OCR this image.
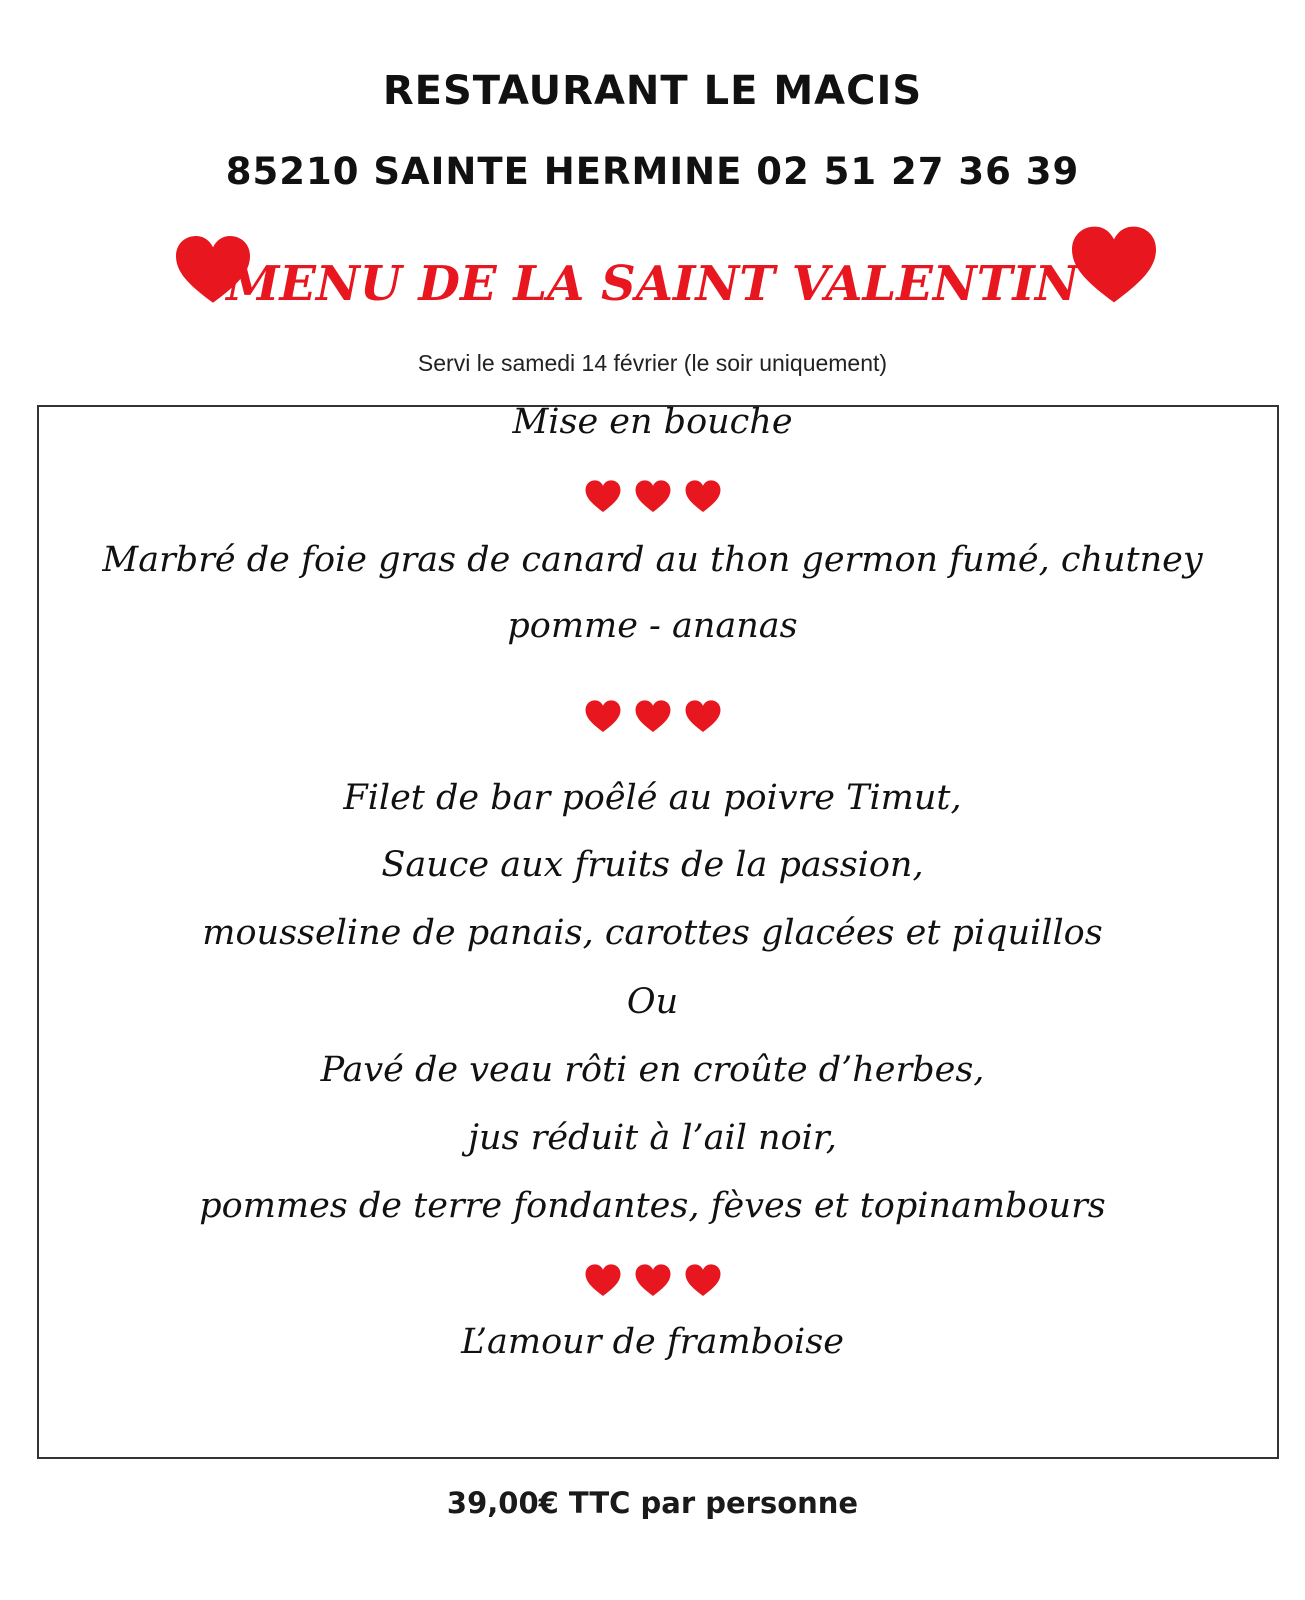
RESTAURANT LE MACIS
85210 SAINTE HERMINE 02 51 27 36 39
MENU DE LA SAINT VALENTIN
Servi le samedi 14 février (le soir uniquement)
Mise en bouche
Marbré de foie gras de canard au thon germon fumé, chutney
pomme - ananas
Filet de bar poêlé au poivre Timut,
Sauce aux fruits de la passion,
mousseline de panais, carottes glacées et piquillos
Ou
Pavé de veau rôti en croûte d’herbes,
jus réduit à l’ail noir,
pommes de terre fondantes, fèves et topinambours
L’amour de framboise
39,00€ TTC par personne
